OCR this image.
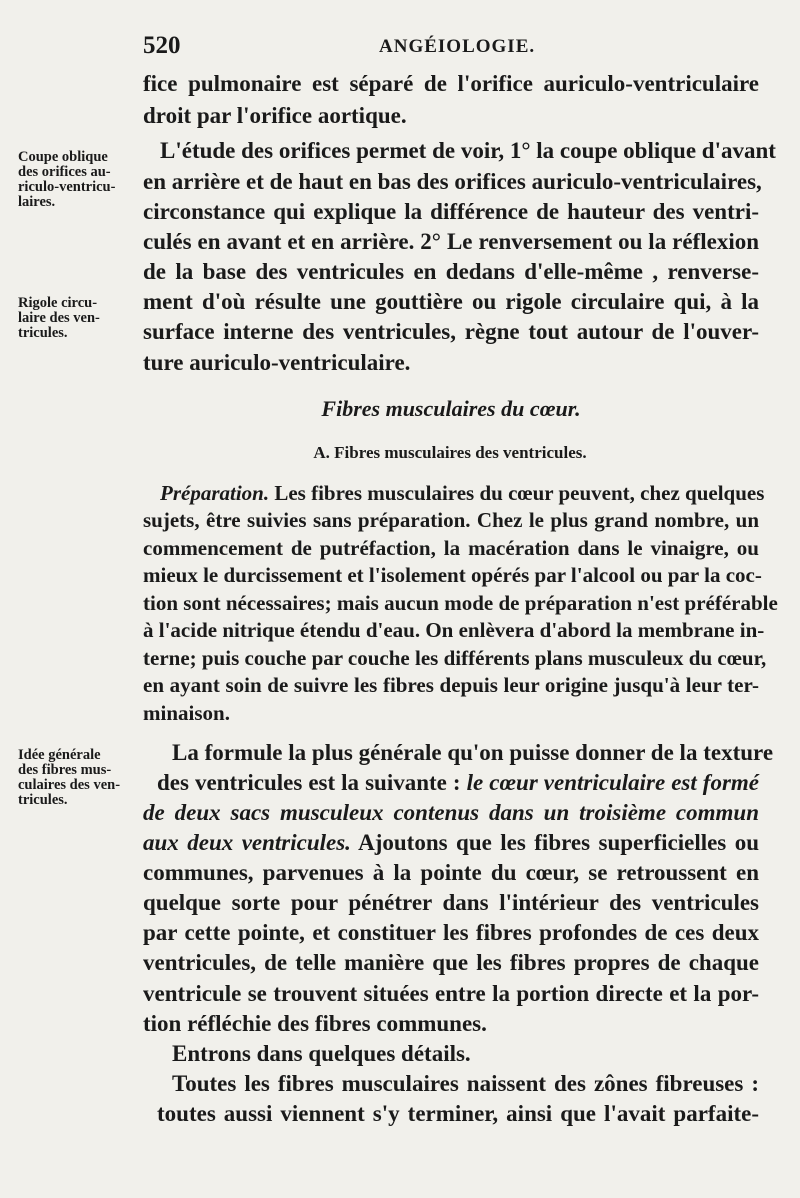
520	ANGÉIOLOGIE.
Coupe oblique
des orifices au-
riculo-ventricu-
laires.
Rigole circu-
laire des ven-
tricules.
Idée générale
des fibres mus-
culaires des ven-
tricules.
fice pulmonaire est séparé de l'orifice auriculo-ventriculaire
droit par l'orifice aortique.
L'étude des orifices permet de voir, 1° la coupe oblique d'avant
en arrière et de haut en bas des orifices auriculo-ventriculaires,
circonstance qui explique la différence de hauteur des ventri-
culés en avant et en arrière. 2° Le renversement ou la réflexion
de la base des ventricules en dedans d'elle-même , renverse-
ment d'où résulte une gouttière ou rigole circulaire qui, à la
surface interne des ventricules, règne tout autour de l'ouver-
ture auriculo-ventriculaire.
Fibres musculaires du cœur.
A. Fibres musculaires des ventricules.
Préparation. Les fibres musculaires du cœur peuvent, chez quelques
sujets, être suivies sans préparation. Chez le plus grand nombre, un
commencement de putréfaction, la macération dans le vinaigre, ou
mieux le durcissement et l'isolement opérés par l'alcool ou par la coc-
tion sont nécessaires; mais aucun mode de préparation n'est préférable
à l'acide nitrique étendu d'eau. On enlèvera d'abord la membrane in-
terne; puis couche par couche les différents plans musculeux du cœur,
en ayant soin de suivre les fibres depuis leur origine jusqu'à leur ter-
minaison.
La formule la plus générale qu'on puisse donner de la texture
des ventricules est la suivante : le cœur ventriculaire est formé
de deux sacs musculeux contenus dans un troisième commun
aux deux ventricules. Ajoutons que les fibres superficielles ou
communes, parvenues à la pointe du cœur, se retroussent en
quelque sorte pour pénétrer dans l'intérieur des ventricules
par cette pointe, et constituer les fibres profondes de ces deux
ventricules, de telle manière que les fibres propres de chaque
ventricule se trouvent situées entre la portion directe et la por-
tion réfléchie des fibres communes.
Entrons dans quelques détails.
Toutes les fibres musculaires naissent des zônes fibreuses :
toutes aussi viennent s'y terminer, ainsi que l'avait parfaite-
